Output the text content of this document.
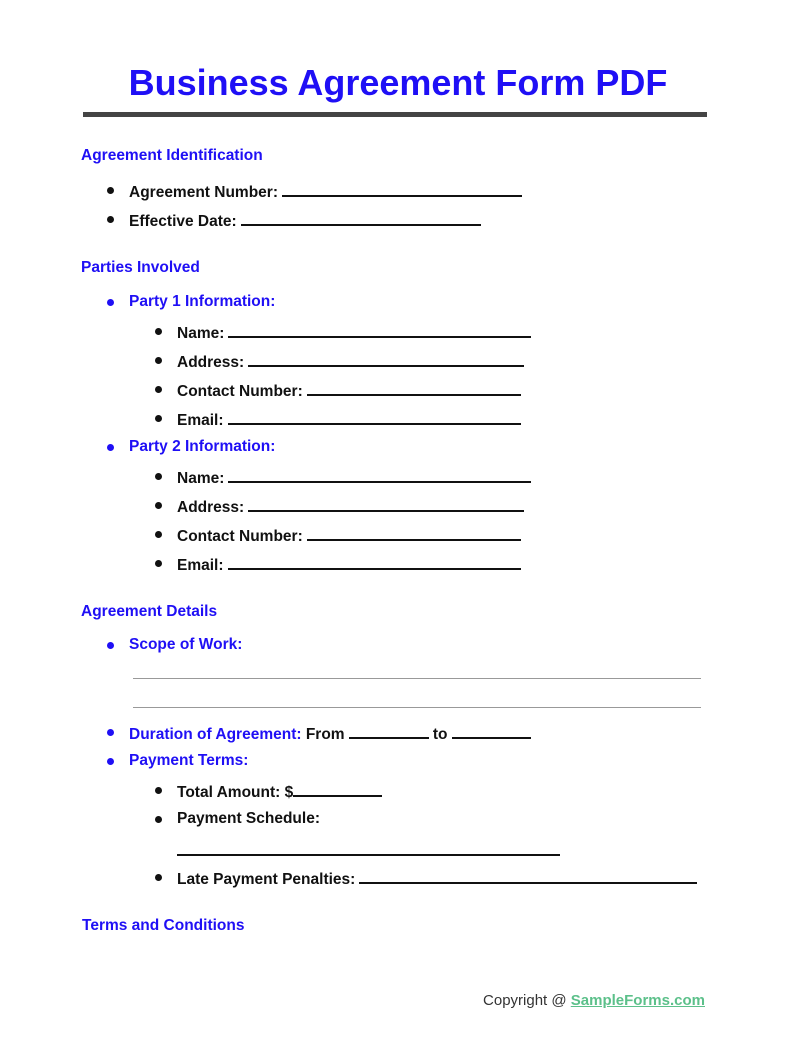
Business Agreement Form PDF
Agreement Identification
Agreement Number:
Effective Date:
Parties Involved
Party 1 Information:
Name:
Address:
Contact Number:
Email:
Party 2 Information:
Name:
Address:
Contact Number:
Email:
Agreement Details
Scope of Work:
Duration of Agreement: From	to
Payment Terms:
Total Amount: $
Payment Schedule:
Late Payment Penalties:
Terms and Conditions
Copyright @ SampleForms.com
